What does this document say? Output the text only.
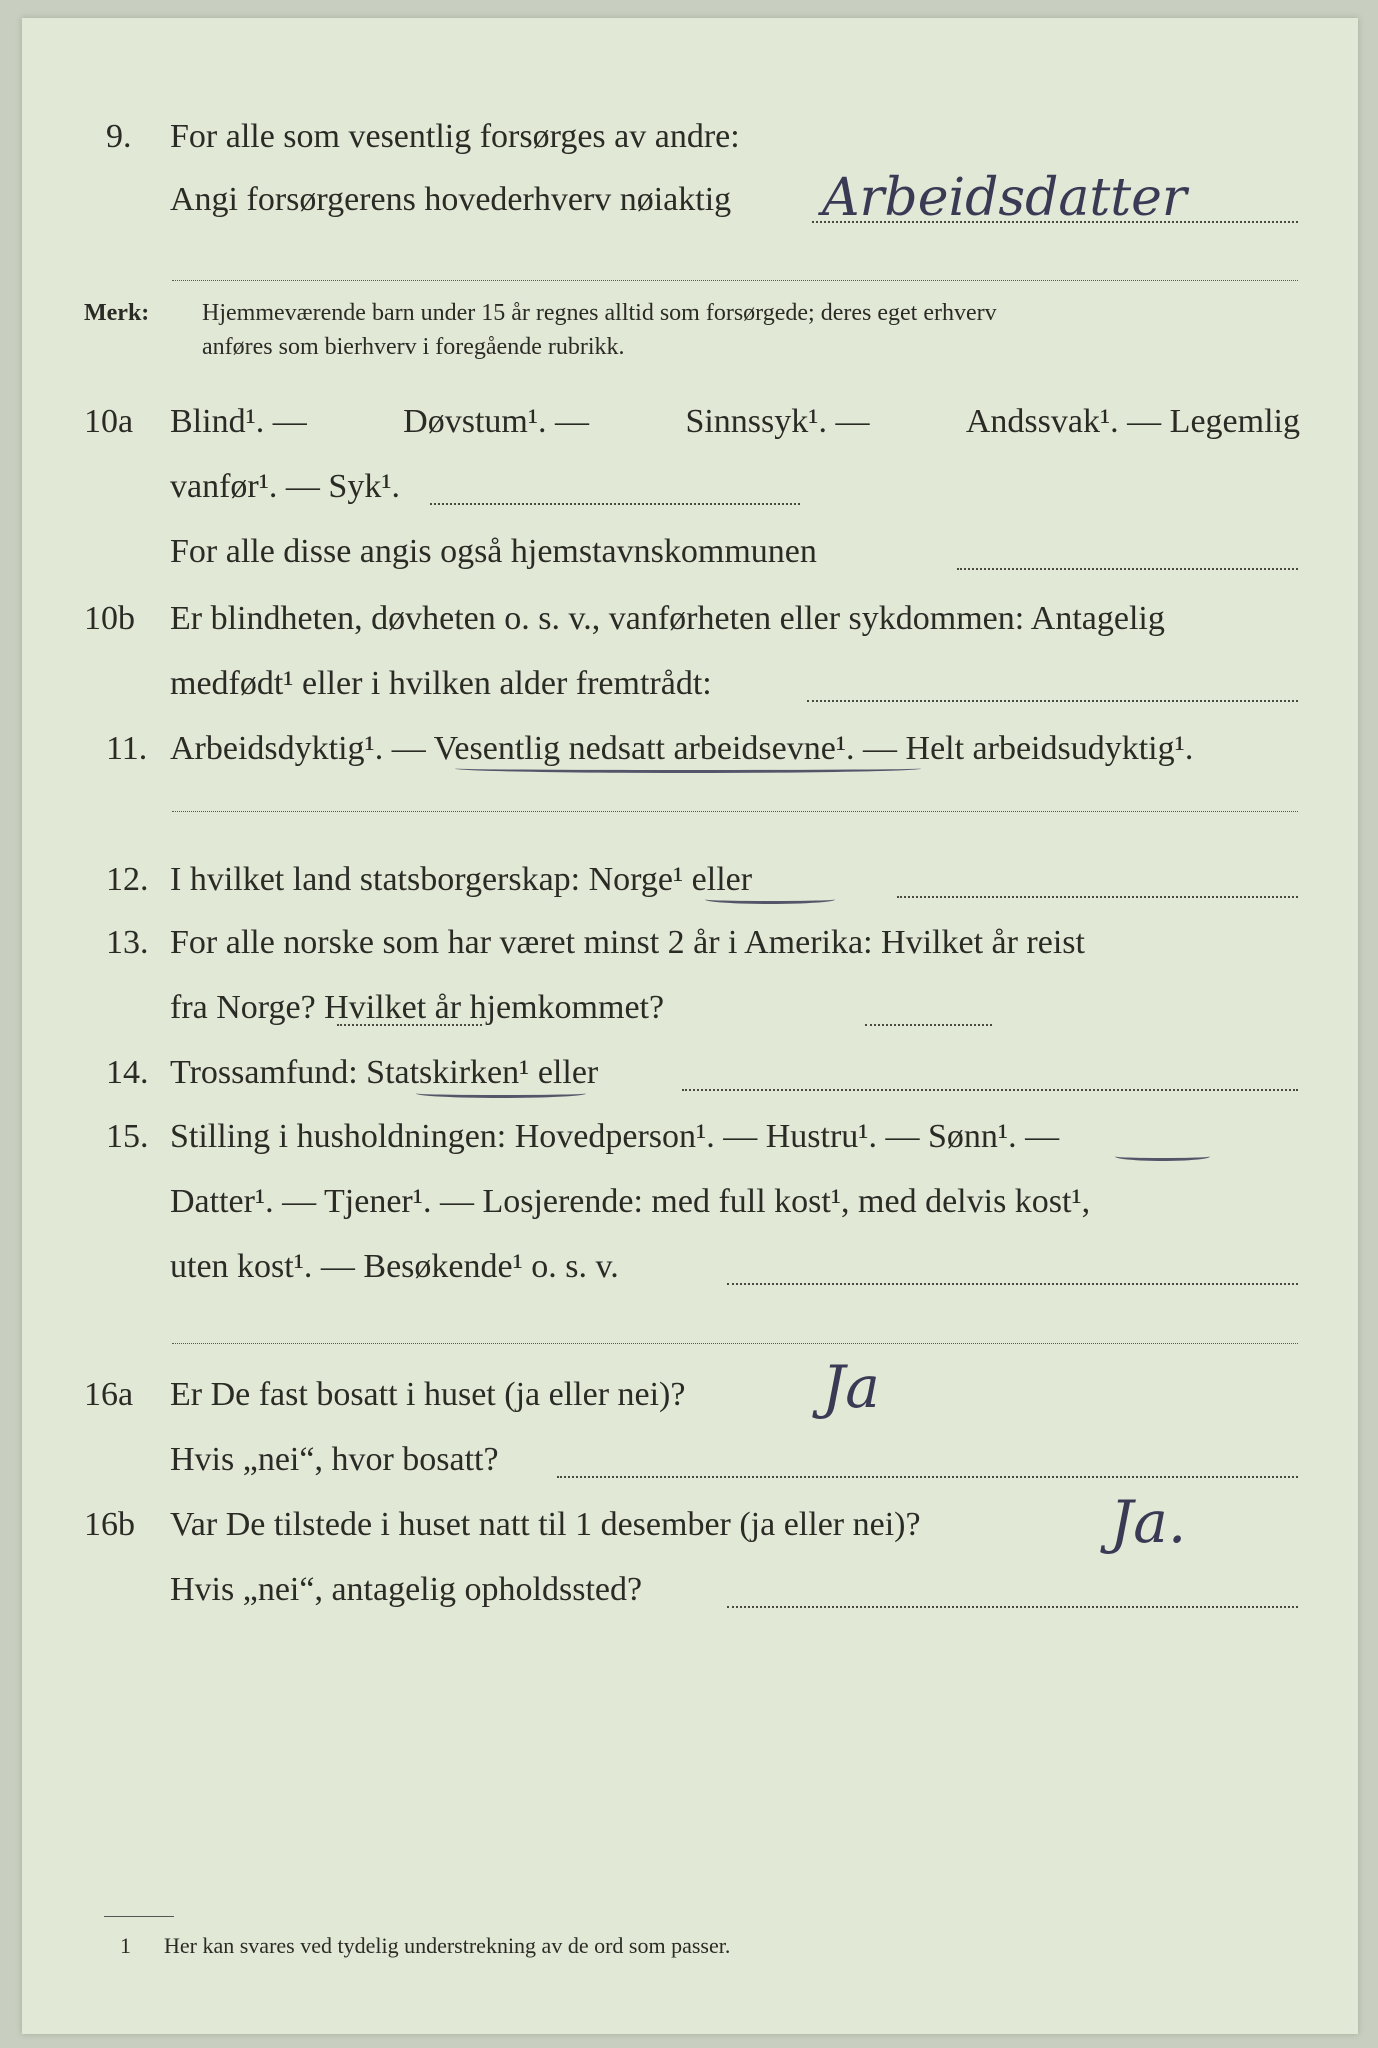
9. For alle som vesentlig forsørges av andre:
Angi forsørgerens hovederhverv nøiaktig Arbeidsdatter
Merk: Hjemmeværende barn under 15 år regnes alltid som forsørgede; deres eget erhverv
anføres som bierhverv i foregående rubrikk.
10a Blind¹. —	Døvstum¹. —	Sinnssyk¹. —	Andssvak¹. — Legemlig
vanfør¹. — Syk¹.
For alle disse angis også hjemstavnskommunen
10b Er blindheten, døvheten o. s. v., vanførheten eller sykdommen: Antagelig
medfødt¹ eller i hvilken alder fremtrådt:
11. Arbeidsdyktig¹. — Vesentlig nedsatt arbeidsevne¹. — Helt arbeidsudyktig¹.
12. I hvilket land statsborgerskap: Norge¹ eller
13. For alle norske som har været minst 2 år i Amerika: Hvilket år reist
fra Norge? Hvilket år hjemkommet?
14. Trossamfund: Statskirken¹ eller
15. Stilling i husholdningen: Hovedperson¹. — Hustru¹. — Sønn¹. —
Datter¹. — Tjener¹. — Losjerende: med full kost¹, med delvis kost¹,
uten kost¹. — Besøkende¹ o. s. v.
16a Er De fast bosatt i huset (ja eller nei)? Ja
Hvis „nei“, hvor bosatt?
16b Var De tilstede i huset natt til 1 desember (ja eller nei)?	Ja.
Hvis „nei“, antagelig opholdssted?
1 Her kan svares ved tydelig understrekning av de ord som passer.
